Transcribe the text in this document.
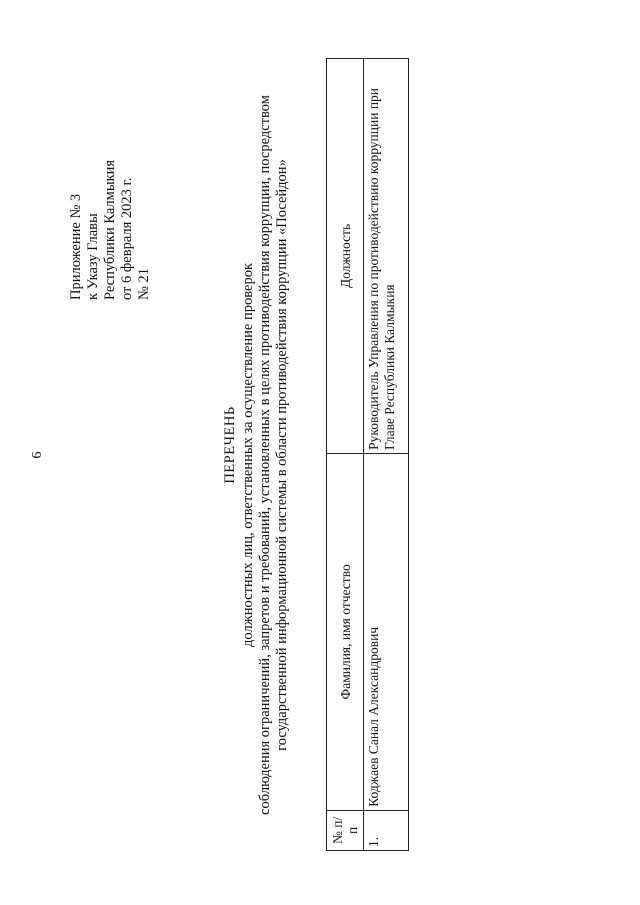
6
Приложение № 3 к Указу Главы Республики Калмыкия от 6 февраля 2023 г. № 21
ПЕРЕЧЕНЬ должностных лиц, ответственных за осуществление проверок соблюдения ограничений, запретов и требований, установленных в целях противодействия коррупции, посредством государственной информационной системы в области противодействия коррупции «Посейдон»
№ п/п	Фамилия, имя отчество	Должность
1.	Коджаев Санал Александрович	Руководитель Управления по противодействию коррупции при Главе Республики Калмыкия
